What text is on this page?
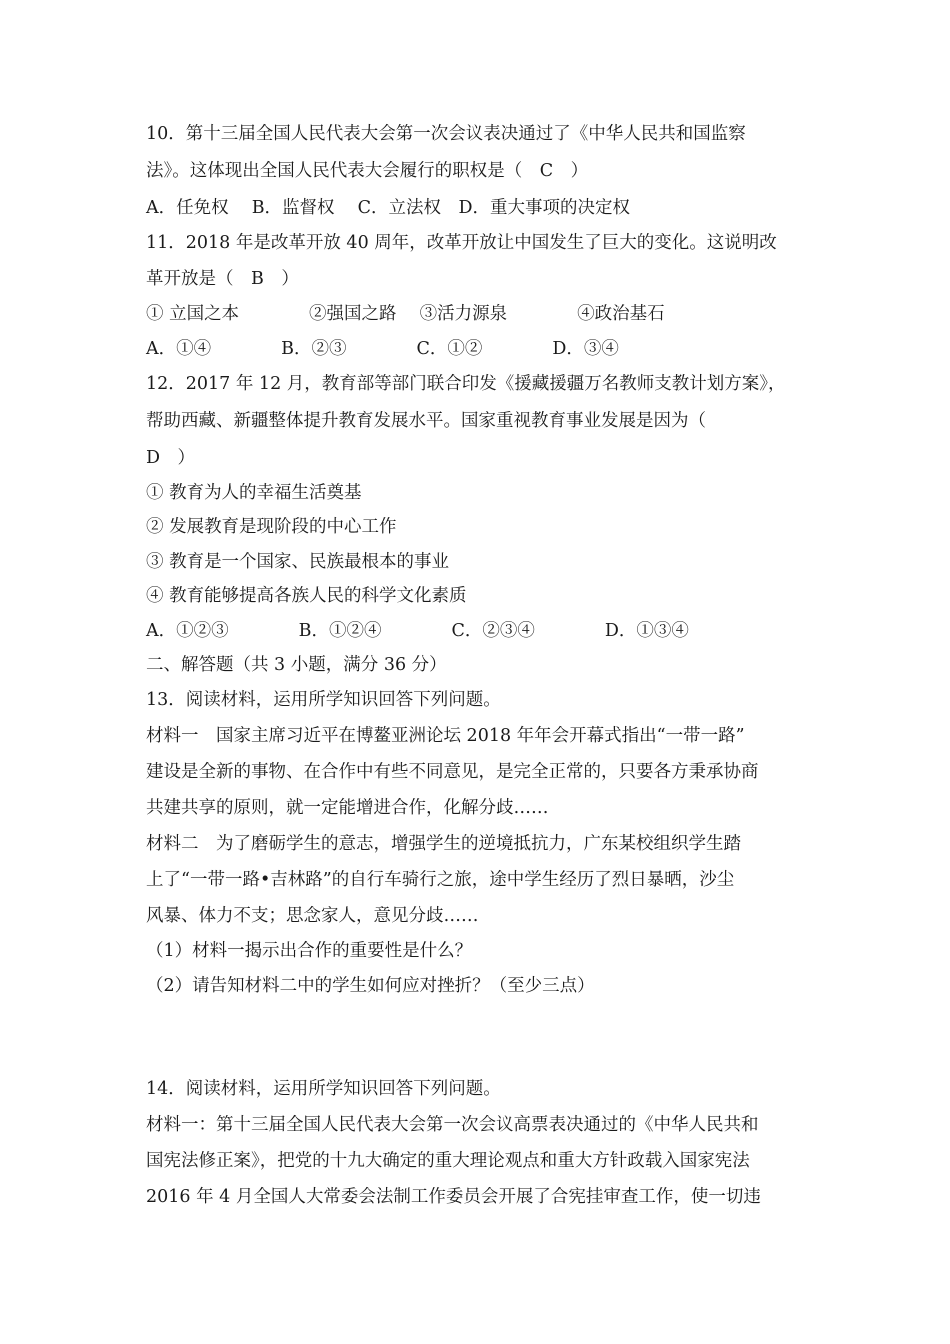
10．第十三届全国人民代表大会第一次会议表决通过了《中华人民共和国监察
法》。这体现出全国人民代表大会履行的职权是（　C　）
A．任免权　 B．监督权　 C．立法权　D．重大事项的决定权
11．2018 年是改革开放 40 周年，改革开放让中国发生了巨大的变化。这说明改
革开放是（　B　）
① 立国之本　　　　②强国之路　 ③活力源泉　　　　④政治基石
A．①④　　　　B．②③　　　　C．①②　　　　D．③④
12．2017 年 12 月，教育部等部门联合印发《援藏援疆万名教师支教计划方案》，
帮助西藏、新疆整体提升教育发展水平。国家重视教育事业发展是因为（
D　）
① 教育为人的幸福生活奠基
② 发展教育是现阶段的中心工作
③ 教育是一个国家、民族最根本的事业
④ 教育能够提高各族人民的科学文化素质
A．①②③　　　　B．①②④　　　　C．②③④　　　　D．①③④
二、解答题（共 3 小题，满分 36 分）
13．阅读材料，运用所学知识回答下列问题。
材料一　国家主席习近平在博鳌亚洲论坛 2018 年年会开幕式指出“一带一路”
建设是全新的事物、在合作中有些不同意见，是完全正常的，只要各方秉承协商
共建共享的原则，就一定能增进合作，化解分歧……
材料二　为了磨砺学生的意志，增强学生的逆境抵抗力，广东某校组织学生踏
上了“一带一路•吉林路”的自行车骑行之旅，途中学生经历了烈日暴晒，沙尘
风暴、体力不支；思念家人，意见分歧……
（1）材料一揭示出合作的重要性是什么？
（2）请告知材料二中的学生如何应对挫折？（至少三点）
14．阅读材料，运用所学知识回答下列问题。
材料一：第十三届全国人民代表大会第一次会议高票表决通过的《中华人民共和
国宪法修正案》，把党的十九大确定的重大理论观点和重大方针政载入国家宪法
2016 年 4 月全国人大常委会法制工作委员会开展了合宪挂审查工作，使一切违
